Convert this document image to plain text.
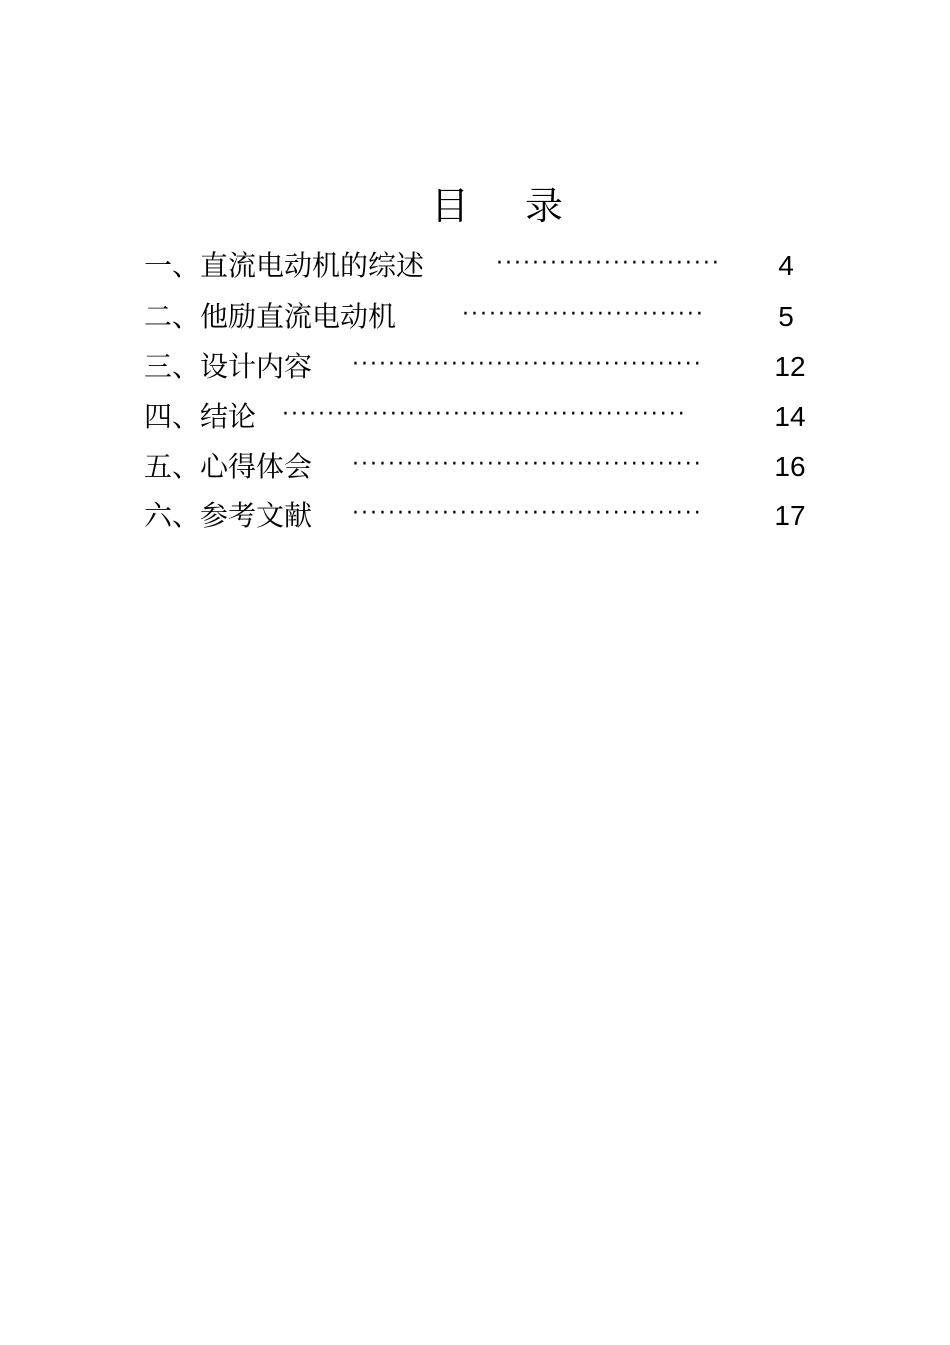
目 录
一、直流电动机的综述	·························	4
二、他励直流电动机	···························	5
三、设计内容 ·······································	12
四、结论 ·············································	14
五、心得体会 ·······································	16
六、参考文献 ·······································	17
